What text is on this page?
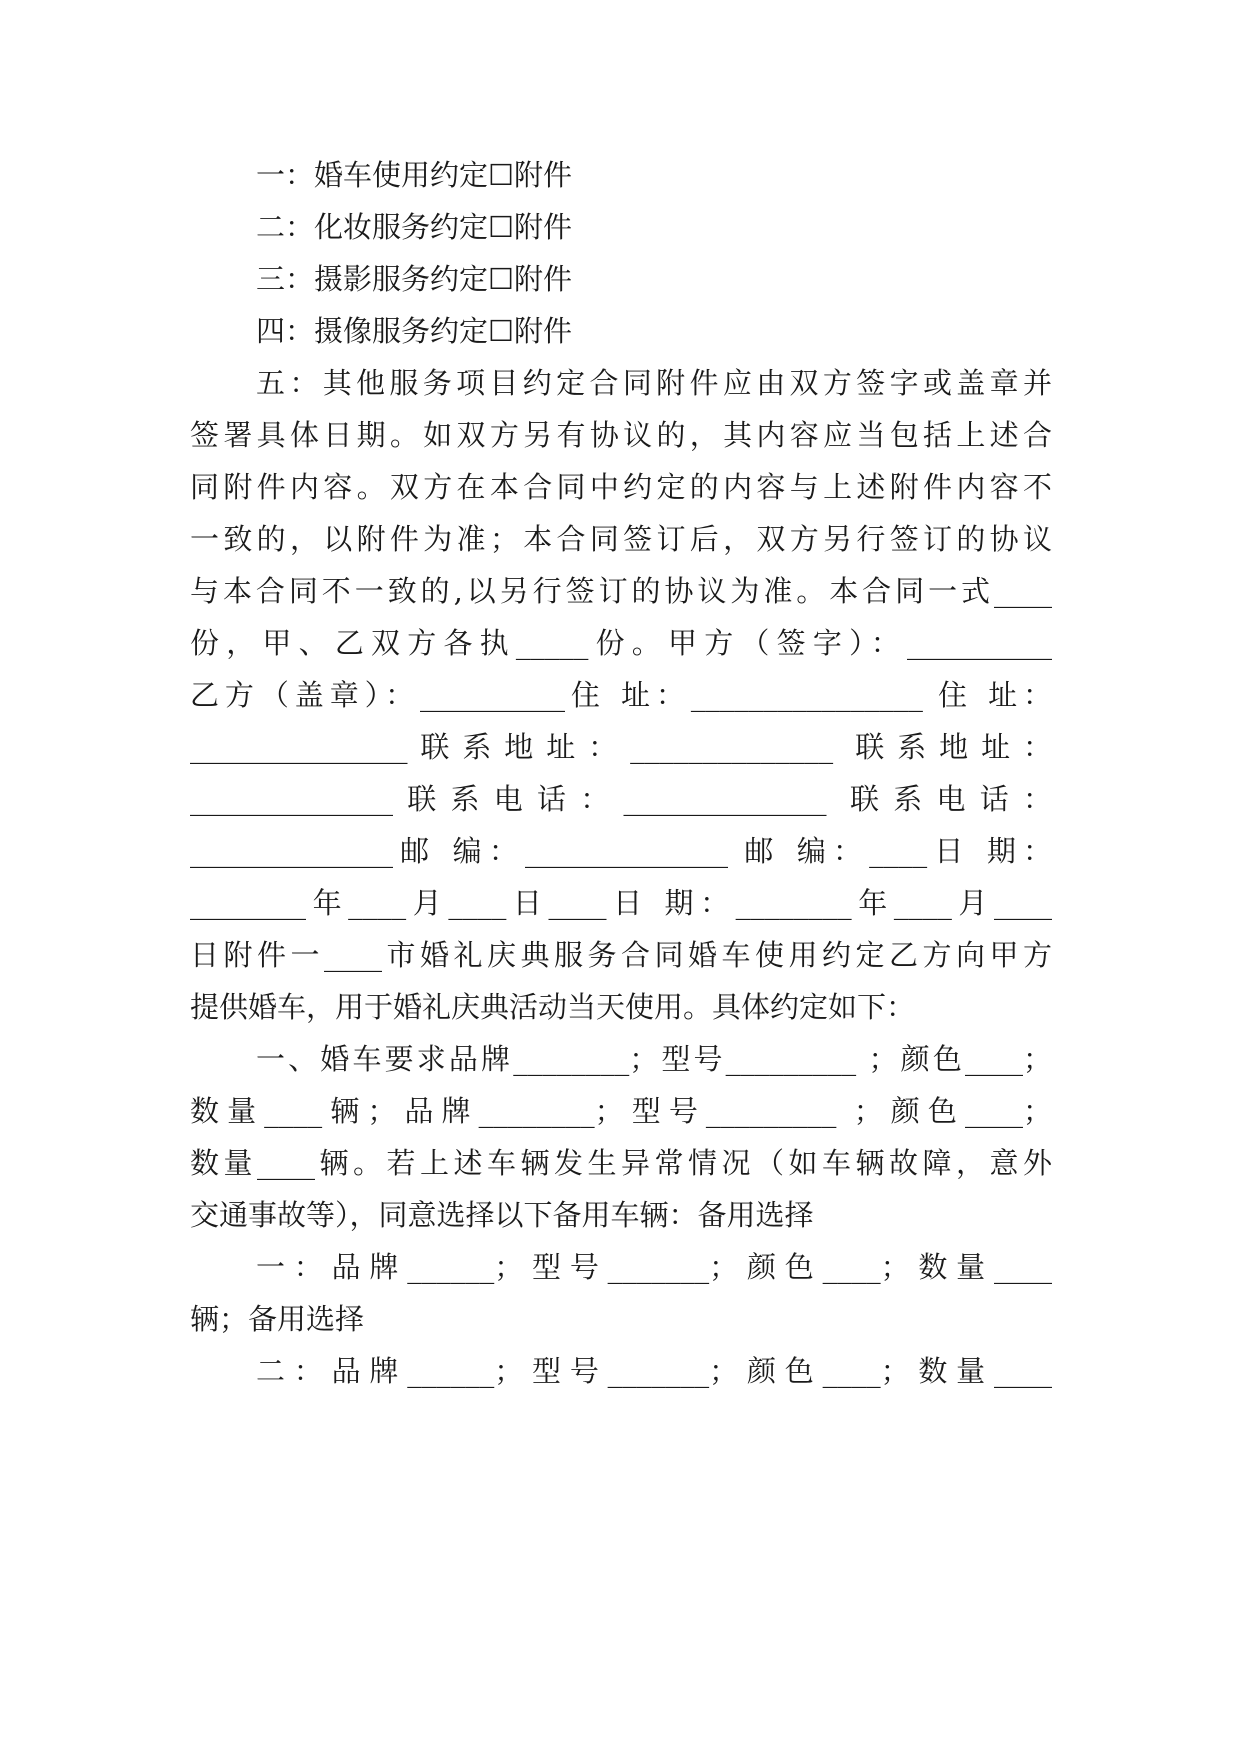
一：婚车使用约定☐附件
二：化妆服务约定☐附件
三：摄影服务约定☐附件
四：摄像服务约定☐附件
五：其他服务项目约定合同附件应由双方签字或盖章并
签署具体日期。如双方另有协议的，其内容应当包括上述合
同附件内容。双方在本合同中约定的内容与上述附件内容不
一致的，以附件为准；本合同签订后，双方另行签订的协议
与本合同不一致的,以另行签订的协议为准。本合同一式____
份，甲、乙双方各执_____份。甲方（签字）：__________
乙方（盖章）：__________住 址：________________ 住 址：
_______________联系地址：______________ 联系地址：
______________联系电话：______________ 联系电话：
______________邮 编：______________ 邮 编：____日 期：
________年____月____日____日 期：________年____月____
日附件一____市婚礼庆典服务合同婚车使用约定乙方向甲方
提供婚车，用于婚礼庆典活动当天使用。具体约定如下：
一、婚车要求品牌________；型号_________ ；颜色____；
数量____辆；品牌________；型号_________ ；颜色____；
数量____辆。若上述车辆发生异常情况（如车辆故障，意外
交通事故等），同意选择以下备用车辆：备用选择
一：品牌______；型号_______；颜色____；数量____
辆；备用选择
二：品牌______；型号_______；颜色____；数量____
